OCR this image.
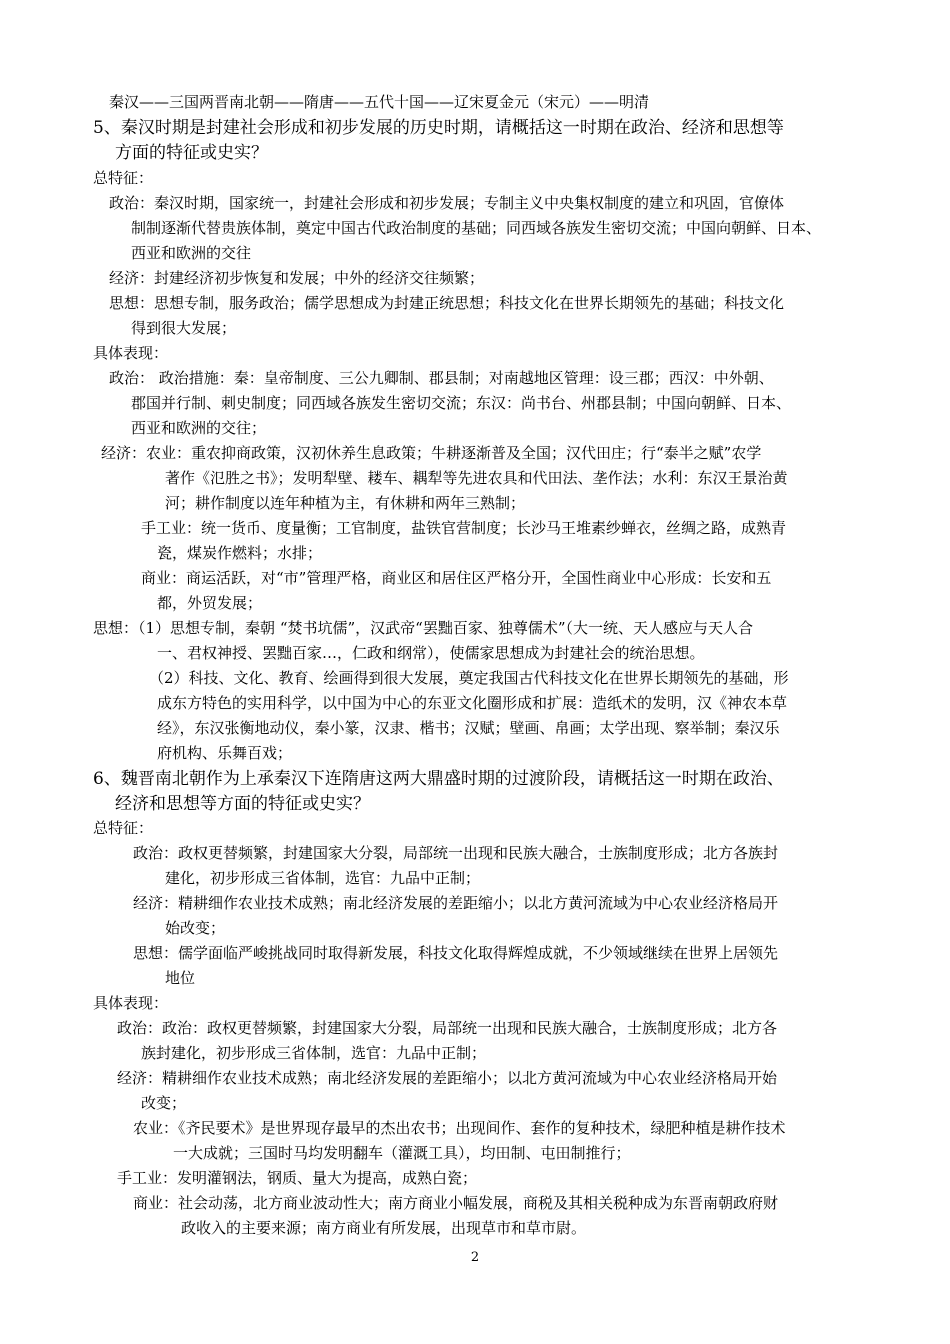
秦汉——三国两晋南北朝——隋唐——五代十国——辽宋夏金元（宋元）——明清
5、秦汉时期是封建社会形成和初步发展的历史时期，请概括这一时期在政治、经济和思想等
方面的特征或史实？
总特征：
政治：秦汉时期，国家统一，封建社会形成和初步发展；专制主义中央集权制度的建立和巩固，官僚体
制制逐渐代替贵族体制，奠定中国古代政治制度的基础；同西域各族发生密切交流；中国向朝鲜、日本、
西亚和欧洲的交往
经济：封建经济初步恢复和发展；中外的经济交往频繁；
思想：思想专制，服务政治；儒学思想成为封建正统思想；科技文化在世界长期领先的基础；科技文化
得到很大发展；
具体表现：
政治： 政治措施：秦：皇帝制度、三公九卿制、郡县制；对南越地区管理：设三郡；西汉：中外朝、
郡国并行制、刺史制度；同西域各族发生密切交流；东汉：尚书台、州郡县制；中国向朝鲜、日本、
西亚和欧洲的交往；
经济：农业：重农抑商政策，汉初休养生息政策；牛耕逐渐普及全国；汉代田庄；行“泰半之赋”农学
著作《氾胜之书》；发明犁壁、耧车、耦犁等先进农具和代田法、垄作法；水利：东汉王景治黄
河；耕作制度以连年种植为主，有休耕和两年三熟制；
手工业：统一货币、度量衡；工官制度，盐铁官营制度；长沙马王堆素纱蝉衣，丝绸之路，成熟青
瓷，煤炭作燃料；水排；
商业：商运活跃，对“市”管理严格，商业区和居住区严格分开，全国性商业中心形成：长安和五
都，外贸发展；
思想：（1）思想专制，秦朝 “焚书坑儒”，汉武帝“罢黜百家、独尊儒术”（大一统、天人感应与天人合
一、君权神授、罢黜百家…，仁政和纲常），使儒家思想成为封建社会的统治思想。
（2）科技、文化、教育、绘画得到很大发展，奠定我国古代科技文化在世界长期领先的基础，形
成东方特色的实用科学，以中国为中心的东亚文化圈形成和扩展：造纸术的发明，汉《神农本草
经》，东汉张衡地动仪，秦小篆，汉隶、楷书；汉赋；壁画、帛画；太学出现、察举制；秦汉乐
府机构、乐舞百戏；
6、魏晋南北朝作为上承秦汉下连隋唐这两大鼎盛时期的过渡阶段，请概括这一时期在政治、
经济和思想等方面的特征或史实？
总特征：
政治：政权更替频繁，封建国家大分裂，局部统一出现和民族大融合，士族制度形成；北方各族封
建化，初步形成三省体制，选官：九品中正制；
经济：精耕细作农业技术成熟；南北经济发展的差距缩小；以北方黄河流域为中心农业经济格局开
始改变；
思想：儒学面临严峻挑战同时取得新发展，科技文化取得辉煌成就，不少领域继续在世界上居领先
地位
具体表现：
政治：政治：政权更替频繁，封建国家大分裂，局部统一出现和民族大融合，士族制度形成；北方各
族封建化，初步形成三省体制，选官：九品中正制；
经济：精耕细作农业技术成熟；南北经济发展的差距缩小；以北方黄河流域为中心农业经济格局开始
改变；
农业：《齐民要术》是世界现存最早的杰出农书；出现间作、套作的复种技术，绿肥种植是耕作技术
一大成就；三国时马均发明翻车（灌溉工具），均田制、屯田制推行；
手工业：发明灌钢法，钢质、量大为提高，成熟白瓷；
商业：社会动荡，北方商业波动性大；南方商业小幅发展，商税及其相关税种成为东晋南朝政府财
政收入的主要来源；南方商业有所发展，出现草市和草市尉。
2
